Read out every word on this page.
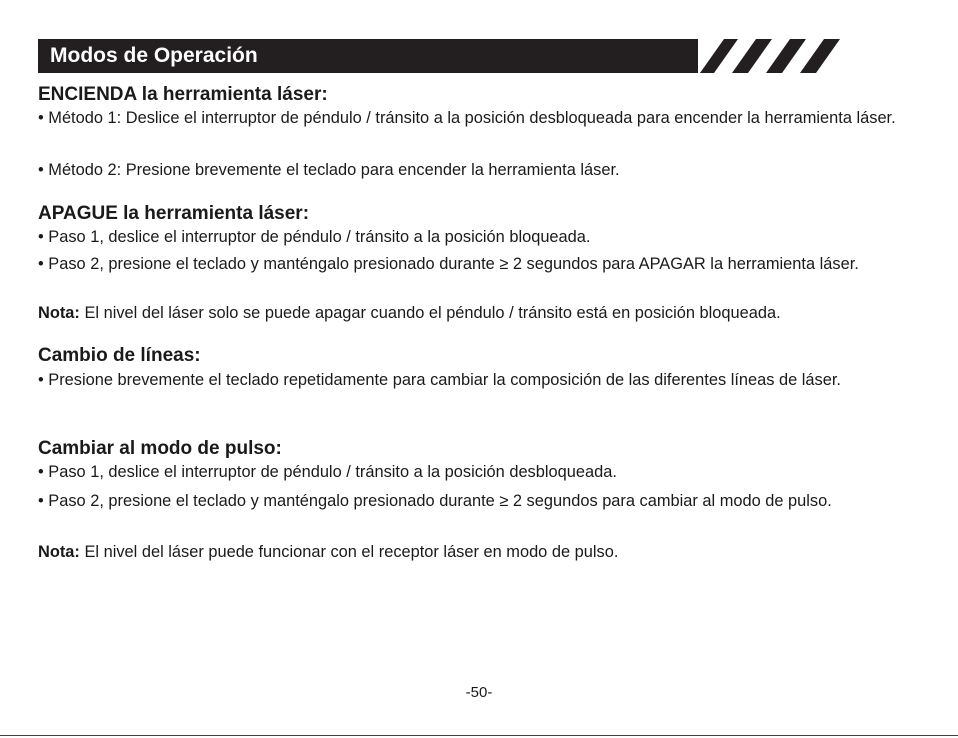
Modos de Operación
ENCIENDA la herramienta láser:
• Método 1: Deslice el interruptor de péndulo / tránsito a la posición desbloqueada para encender la herramienta láser.
• Método 2: Presione brevemente el teclado para encender la herramienta láser.
APAGUE la herramienta láser:
• Paso 1, deslice el interruptor de péndulo / tránsito a la posición bloqueada.
• Paso 2, presione el teclado y manténgalo presionado durante ≥ 2 segundos para APAGAR la herramienta láser.
Nota: El nivel del láser solo se puede apagar cuando el péndulo / tránsito está en posición bloqueada.
Cambio de líneas:
• Presione brevemente el teclado repetidamente para cambiar la composición de las diferentes líneas de láser.
Cambiar al modo de pulso:
• Paso 1, deslice el interruptor de péndulo / tránsito a la posición desbloqueada.
• Paso 2, presione el teclado y manténgalo presionado durante ≥ 2 segundos para cambiar al modo de pulso.
Nota: El nivel del láser puede funcionar con el receptor láser en modo de pulso.
-50-
